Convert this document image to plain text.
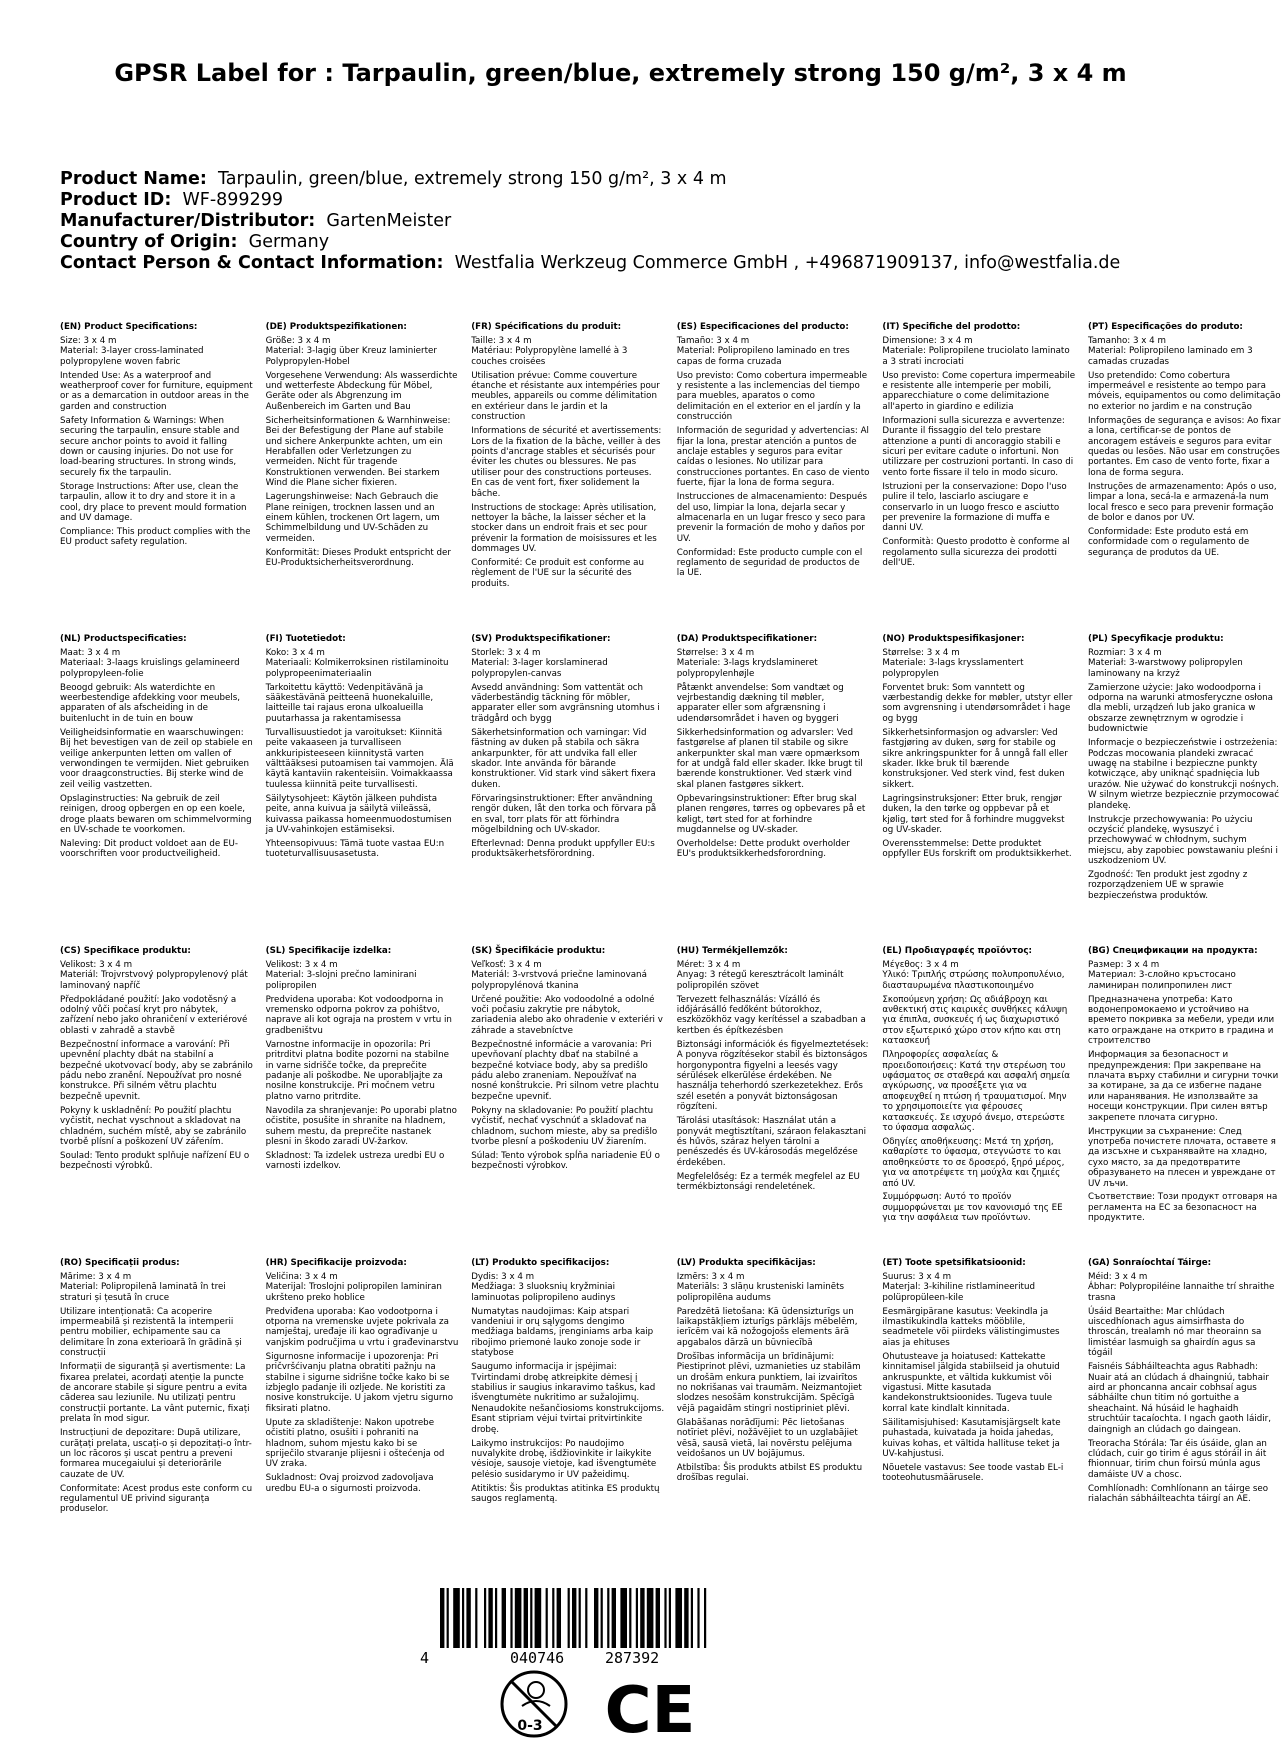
GPSR Label for : Tarpaulin, green/blue, extremely strong 150 g/m², 3 x 4 m
Product Name: Tarpaulin, green/blue, extremely strong 150 g/m², 3 x 4 m
Product ID: WF-899299
Manufacturer/Distributor: GartenMeister
Country of Origin: Germany
Contact Person & Contact Information: Westfalia Werkzeug Commerce GmbH , +496871909137, info@westfalia.de
(EN) Product Specifications:
Size: 3 x 4 m
Material: 3-layer cross-laminated polypropylene woven fabric
Intended Use: As a waterproof and weatherproof cover for furniture, equipment or as a demarcation in outdoor areas in the garden and construction
Safety Information & Warnings: When securing the tarpaulin, ensure stable and secure anchor points to avoid it falling down or causing injuries. Do not use for load-bearing structures. In strong winds, securely fix the tarpaulin.
Storage Instructions: After use, clean the tarpaulin, allow it to dry and store it in a cool, dry place to prevent mould formation and UV damage.
Compliance: This product complies with the EU product safety regulation.
(DE) Produktspezifikationen:
Größe: 3 x 4 m
Material: 3-lagig über Kreuz laminierter Polypropylen-Hobel
Vorgesehene Verwendung: Als wasserdichte und wetterfeste Abdeckung für Möbel, Geräte oder als Abgrenzung im Außenbereich im Garten und Bau
Sicherheitsinformationen & Warnhinweise: Bei der Befestigung der Plane auf stabile und sichere Ankerpunkte achten, um ein Herabfallen oder Verletzungen zu vermeiden. Nicht für tragende Konstruktionen verwenden. Bei starkem Wind die Plane sicher fixieren.
Lagerungshinweise: Nach Gebrauch die Plane reinigen, trocknen lassen und an einem kühlen, trockenen Ort lagern, um Schimmelbildung und UV-Schäden zu vermeiden.
Konformität: Dieses Produkt entspricht der EU-Produktsicherheitsverordnung.
(FR) Spécifications du produit:
Taille: 3 x 4 m
Matériau: Polypropylène lamellé à 3 couches croisées
Utilisation prévue: Comme couverture étanche et résistante aux intempéries pour meubles, appareils ou comme délimitation en extérieur dans le jardin et la construction
Informations de sécurité et avertissements: Lors de la fixation de la bâche, veiller à des points d'ancrage stables et sécurisés pour éviter les chutes ou blessures. Ne pas utiliser pour des constructions porteuses. En cas de vent fort, fixer solidement la bâche.
Instructions de stockage: Après utilisation, nettoyer la bâche, la laisser sécher et la stocker dans un endroit frais et sec pour prévenir la formation de moisissures et les dommages UV.
Conformité: Ce produit est conforme au règlement de l'UE sur la sécurité des produits.
(ES) Especificaciones del producto:
Tamaño: 3 x 4 m
Material: Polipropileno laminado en tres capas de forma cruzada
Uso previsto: Como cobertura impermeable y resistente a las inclemencias del tiempo para muebles, aparatos o como delimitación en el exterior en el jardín y la construcción
Información de seguridad y advertencias: Al fijar la lona, prestar atención a puntos de anclaje estables y seguros para evitar caídas o lesiones. No utilizar para construcciones portantes. En caso de viento fuerte, fijar la lona de forma segura.
Instrucciones de almacenamiento: Después del uso, limpiar la lona, dejarla secar y almacenarla en un lugar fresco y seco para prevenir la formación de moho y daños por UV.
Conformidad: Este producto cumple con el reglamento de seguridad de productos de la UE.
(IT) Specifiche del prodotto:
Dimensione: 3 x 4 m
Materiale: Polipropilene truciolato laminato a 3 strati incrociati
Uso previsto: Come copertura impermeabile e resistente alle intemperie per mobili, apparecchiature o come delimitazione all'aperto in giardino e edilizia
Informazioni sulla sicurezza e avvertenze: Durante il fissaggio del telo prestare attenzione a punti di ancoraggio stabili e sicuri per evitare cadute o infortuni. Non utilizzare per costruzioni portanti. In caso di vento forte fissare il telo in modo sicuro.
Istruzioni per la conservazione: Dopo l'uso pulire il telo, lasciarlo asciugare e conservarlo in un luogo fresco e asciutto per prevenire la formazione di muffa e danni UV.
Conformità: Questo prodotto è conforme al regolamento sulla sicurezza dei prodotti dell'UE.
(PT) Especificações do produto:
Tamanho: 3 x 4 m
Material: Polipropileno laminado em 3 camadas cruzadas
Uso pretendido: Como cobertura impermeável e resistente ao tempo para móveis, equipamentos ou como delimitação no exterior no jardim e na construção
Informações de segurança e avisos: Ao fixar a lona, certificar-se de pontos de ancoragem estáveis e seguros para evitar quedas ou lesões. Não usar em construções portantes. Em caso de vento forte, fixar a lona de forma segura.
Instruções de armazenamento: Após o uso, limpar a lona, secá-la e armazená-la num local fresco e seco para prevenir formação de bolor e danos por UV.
Conformidade: Este produto está em conformidade com o regulamento de segurança de produtos da UE.
(NL) Productspecificaties:
Maat: 3 x 4 m
Materiaal: 3-laags kruislings gelamineerd polypropyleen-folie
Beoogd gebruik: Als waterdichte en weerbestendige afdekking voor meubels, apparaten of als afscheiding in de buitenlucht in de tuin en bouw
Veiligheidsinformatie en waarschuwingen: Bij het bevestigen van de zeil op stabiele en veilige ankerpunten letten om vallen of verwondingen te vermijden. Niet gebruiken voor draagconstructies. Bij sterke wind de zeil veilig vastzetten.
Opslaginstructies: Na gebruik de zeil reinigen, droog opbergen en op een koele, droge plaats bewaren om schimmelvorming en UV-schade te voorkomen.
Naleving: Dit product voldoet aan de EU-voorschriften voor productveiligheid.
(FI) Tuotetiedot:
Koko: 3 x 4 m
Materiaali: Kolmikerroksinen ristilaminoitu polypropeenimateriaalin
Tarkoitettu käyttö: Vedenpitävänä ja sääkestävänä peitteenä huonekaluille, laitteille tai rajaus erona ulkoalueilla puutarhassa ja rakentamisessa
Turvallisuustiedot ja varoitukset: Kiinnitä peite vakaaseen ja turvalliseen ankkuripisteeseen kiinnitystä varten välttääksesi putoamisen tai vammojen. Älä käytä kantaviin rakenteisiin. Voimakkaassa tuulessa kiinnitä peite turvallisesti.
Säilytysohjeet: Käytön jälkeen puhdista peite, anna kuivua ja säilytä viileässä, kuivassa paikassa homeenmuodostumisen ja UV-vahinkojen estämiseksi.
Yhteensopivuus: Tämä tuote vastaa EU:n tuoteturvallisuusasetusta.
(SV) Produktspecifikationer:
Storlek: 3 x 4 m
Material: 3-lager korslaminerad polypropylen-canvas
Avsedd användning: Som vattentät och väderbeständig täckning för möbler, apparater eller som avgränsning utomhus i trädgård och bygg
Säkerhetsinformation och varningar: Vid fästning av duken på stabila och säkra ankarpunkter, för att undvika fall eller skador. Inte använda för bärande konstruktioner. Vid stark vind säkert fixera duken.
Förvaringsinstruktioner: Efter användning rengör duken, låt den torka och förvara på en sval, torr plats för att förhindra mögelbildning och UV-skador.
Efterlevnad: Denna produkt uppfyller EU:s produktsäkerhetsförordning.
(DA) Produktspecifikationer:
Størrelse: 3 x 4 m
Materiale: 3-lags krydslamineret polypropylenhøjle
Påtænkt anvendelse: Som vandtæt og vejrbestandig dækning til møbler, apparater eller som afgrænsning i udendørsområdet i haven og byggeri
Sikkerhedsinformation og advarsler: Ved fastgørelse af planen til stabile og sikre ankerpunkter skal man være opmærksom for at undgå fald eller skader. Ikke brugt til bærende konstruktioner. Ved stærk vind skal planen fastgøres sikkert.
Opbevaringsinstruktioner: Efter brug skal planen rengøres, tørres og opbevares på et køligt, tørt sted for at forhindre mugdannelse og UV-skader.
Overholdelse: Dette produkt overholder EU's produktsikkerhedsforordning.
(NO) Produktspesifikasjoner:
Størrelse: 3 x 4 m
Materiale: 3-lags krysslamentert polypropylen
Forventet bruk: Som vanntett og værbestandig dekke for møbler, utstyr eller som avgrensning i utendørsområdet i hage og bygg
Sikkerhetsinformasjon og advarsler: Ved fastgjøring av duken, sørg for stabile og sikre ankringspunkter for å unngå fall eller skader. Ikke bruk til bærende konstruksjoner. Ved sterk vind, fest duken sikkert.
Lagringsinstruksjoner: Etter bruk, rengjør duken, la den tørke og oppbevar på et kjølig, tørt sted for å forhindre muggvekst og UV-skader.
Overensstemmelse: Dette produktet oppfyller EUs forskrift om produktsikkerhet.
(PL) Specyfikacje produktu:
Rozmiar: 3 x 4 m
Materiał: 3-warstwowy polipropylen laminowany na krzyż
Zamierzone użycie: Jako wodoodporna i odporna na warunki atmosferyczne osłona dla mebli, urządzeń lub jako granica w obszarze zewnętrznym w ogrodzie i budownictwie
Informacje o bezpieczeństwie i ostrzeżenia: Podczas mocowania plandeki zwracać uwagę na stabilne i bezpieczne punkty kotwiczące, aby uniknąć spadnięcia lub urazów. Nie używać do konstrukcji nośnych. W silnym wietrze bezpiecznie przymocować plandekę.
Instrukcje przechowywania: Po użyciu oczyścić plandekę, wysuszyć i przechowywać w chłodnym, suchym miejscu, aby zapobiec powstawaniu pleśni i uszkodzeniom UV.
Zgodność: Ten produkt jest zgodny z rozporządzeniem UE w sprawie bezpieczeństwa produktów.
(CS) Specifikace produktu:
Velikost: 3 x 4 m
Materiál: Trojvrstvový polypropylenový plát laminovaný napříč
Předpokládané použití: Jako vodotěsný a odolný vůči počasí kryt pro nábytek, zařízení nebo jako ohraničení v exteriérové oblasti v zahradě a stavbě
Bezpečnostní informace a varování: Při upevnění plachty dbát na stabilní a bezpečné ukotvovací body, aby se zabránilo pádu nebo zranění. Nepoužívat pro nosné konstrukce. Při silném větru plachtu bezpečně upevnit.
Pokyny k uskladnění: Po použití plachtu vyčistit, nechat vyschnout a skladovat na chladném, suchém místě, aby se zabránilo tvorbě plísní a poškození UV zářením.
Soulad: Tento produkt splňuje nařízení EU o bezpečnosti výrobků.
(SL) Specifikacije izdelka:
Velikost: 3 x 4 m
Material: 3-slojni prečno laminirani polipropilen
Predvidena uporaba: Kot vodoodporna in vremensko odporna pokrov za pohištvo, naprave ali kot ograja na prostem v vrtu in gradbeništvu
Varnostne informacije in opozorila: Pri pritrditvi platna bodite pozorni na stabilne in varne sidrišče točke, da preprečite padanje ali poškodbe. Ne uporabljajte za nosilne konstrukcije. Pri močnem vetru platno varno pritrdite.
Navodila za shranjevanje: Po uporabi platno očistite, posušite in shranite na hladnem, suhem mestu, da preprečite nastanek plesni in škodo zaradi UV-žarkov.
Skladnost: Ta izdelek ustreza uredbi EU o varnosti izdelkov.
(SK) Špecifikácie produktu:
Veľkosť: 3 x 4 m
Materiál: 3-vrstvová priečne laminovaná polypropylénová tkanina
Určené použitie: Ako vodoodolné a odolné voči počasiu zakrytie pre nábytok, zariadenia alebo ako ohradenie v exteriéri v záhrade a stavebníctve
Bezpečnostné informácie a varovania: Pri upevňovaní plachty dbať na stabilné a bezpečné kotviace body, aby sa predišlo pádu alebo zraneniam. Nepoužívať na nosné konštrukcie. Pri silnom vetre plachtu bezpečne upevniť.
Pokyny na skladovanie: Po použití plachtu vyčistiť, nechať vyschnúť a skladovať na chladnom, suchom mieste, aby sa predišlo tvorbe plesní a poškodeniu UV žiarením.
Súlad: Tento výrobok spĺňa nariadenie EÚ o bezpečnosti výrobkov.
(HU) Termékjellemzők:
Méret: 3 x 4 m
Anyag: 3 rétegű keresztrácolt laminált polipropilén szövet
Tervezett felhasználás: Vízálló és időjárásálló fedőként bútorokhoz, eszközökhöz vagy kerítéssel a szabadban a kertben és építkezésben
Biztonsági információk és figyelmeztetések: A ponyva rögzítésekor stabil és biztonságos horgonypontra figyelni a leesés vagy sérülések elkerülése érdekében. Ne használja teherhordó szerkezetekhez. Erős szél esetén a ponyvát biztonságosan rögzíteni.
Tárolási utasítások: Használat után a ponyvát megtisztítani, száraon felakasztani és hűvös, száraz helyen tárolni a penészedés és UV-károsodás megelőzése érdekében.
Megfelelőség: Ez a termék megfelel az EU termékbiztonsági rendeletének.
(EL) Προδιαγραφές προϊόντος:
Μέγεθος: 3 x 4 m
Υλικό: Τριπλής στρώσης πολυπροπυλένιο, διασταυρωμένα πλαστικοποιημένο
Σκοπούμενη χρήση: Ως αδιάβροχη και ανθεκτική στις καιρικές συνθήκες κάλυψη για έπιπλα, συσκευές ή ως διαχωριστικό στον εξωτερικό χώρο στον κήπο και στη κατασκευή
Πληροφορίες ασφαλείας & προειδοποιήσεις: Κατά την στερέωση του υφάσματος σε σταθερά και ασφαλή σημεία αγκύρωσης, να προσέξετε για να αποφευχθεί η πτώση ή τραυματισμοί. Μην το χρησιμοποιείτε για φέρουσες κατασκευές. Σε ισχυρό άνεμο, στερεώστε το ύφασμα ασφαλώς.
Οδηγίες αποθήκευσης: Μετά τη χρήση, καθαρίστε το ύφασμα, στεγνώστε το και αποθηκεύστε το σε δροσερό, ξηρό μέρος, για να αποτρέψετε τη μούχλα και ζημιές από UV.
Συμμόρφωση: Αυτό το προϊόν συμμορφώνεται με τον κανονισμό της ΕΕ για την ασφάλεια των προϊόντων.
(BG) Спецификации на продукта:
Размер: 3 x 4 m
Материал: 3-слойно кръстосано ламиниран полипропилен лист
Предназначена употреба: Като водонепромокаемо и устойчиво на времето покривка за мебели, уреди или като ограждане на открито в градина и строителство
Информация за безопасност и предупреждения: При закрепване на плачата върху стабилни и сигурни точки за котиране, за да се избегне падане или наранявания. Не използвайте за носещи конструкции. При силен вятър закрепете плочата сигурно.
Инструкции за съхранение: След употреба почистете плочата, оставете я да изсъхне и съхранявайте на хладно, сухо място, за да предотвратите образуването на плесен и увреждане от UV лъчи.
Съответствие: Този продукт отговаря на регламента на ЕС за безопасност на продуктите.
(RO) Specificații produs:
Mărime: 3 x 4 m
Material: Polipropilenă laminată în trei straturi și țesută în cruce
Utilizare intenționată: Ca acoperire impermeabilă și rezistentă la intemperii pentru mobilier, echipamente sau ca delimitare în zona exterioară în grădină și construcții
Informații de siguranță și avertismente: La fixarea prelatei, acordați atenție la puncte de ancorare stabile și sigure pentru a evita căderea sau leziunile. Nu utilizați pentru construcții portante. La vânt puternic, fixați prelata în mod sigur.
Instrucțiuni de depozitare: După utilizare, curățați prelata, uscați-o și depozitați-o într-un loc răcoros și uscat pentru a preveni formarea mucegaiului și deteriorările cauzate de UV.
Conformitate: Acest produs este conform cu regulamentul UE privind siguranța produselor.
(HR) Specifikacije proizvoda:
Veličina: 3 x 4 m
Materijal: Troslojni polipropilen laminiran ukršteno preko hoblice
Predviđena uporaba: Kao vodootporna i otporna na vremenske uvjete pokrivala za namještaj, uređaje ili kao ograđivanje u vanjskim područjima u vrtu i građevinarstvu
Sigurnosne informacije i upozorenja: Pri pričvršćivanju platna obratiti pažnju na stabilne i sigurne sidrišne točke kako bi se izbjeglo padanje ili ozljede. Ne koristiti za nosive konstrukcije. U jakom vjetru sigurno fiksirati platno.
Upute za skladištenje: Nakon upotrebe očistiti platno, osušiti i pohraniti na hladnom, suhom mjestu kako bi se spriječilo stvaranje plijesni i oštećenja od UV zraka.
Sukladnost: Ovaj proizvod zadovoljava uredbu EU-a o sigurnosti proizvoda.
(LT) Produkto specifikacijos:
Dydis: 3 x 4 m
Medžiaga: 3 sluoksnių kryžminiai laminuotas polipropileno audinys
Numatytas naudojimas: Kaip atspari vandeniui ir orų sąlygoms dengimo medžiaga baldams, įrenginiams arba kaip ribojimo priemonė lauko zonoje sode ir statybose
Saugumo informacija ir įspėjimai: Tvirtindami drobę atkreipkite dėmesį į stabilius ir saugius inkaravimo taškus, kad išvengtumėte nukritimo ar sužalojimų. Nenaudokite nešančiosioms konstrukcijoms. Esant stipriam vėjui tvirtai pritvirtinkite drobę.
Laikymo instrukcijos: Po naudojimo nuvalykite drobę, išdžiovinkite ir laikykite vėsioje, sausoje vietoje, kad išvengtumėte pelėsio susidarymo ir UV pažeidimų.
Atitiktis: Šis produktas atitinka ES produktų saugos reglamentą.
(LV) Produkta specifikācijas:
Izmērs: 3 x 4 m
Materiāls: 3 slāņu krusteniski laminēts polipropilēna audums
Paredzētā lietošana: Kā ūdensizturīgs un laikapstākļiem izturīgs pārklājs mēbelēm, ierīcēm vai kā nožogojošs elements ārā apgabalos dārzā un būvniecībā
Drošības informācija un brīdinājumi: Piestiprinot plēvi, uzmanieties uz stabilām un drošām enkura punktiem, lai izvairītos no nokrišanas vai traumām. Neizmantojiet slodzes nesošām konstrukcijām. Spēcīgā vējā pagaidām stingri nostipriniet plēvi.
Glabāšanas norādījumi: Pēc lietošanas notīriet plēvi, nožāvējiet to un uzglabājiet vēsā, sausā vietā, lai novērstu pelējuma veidošanos un UV bojājumus.
Atbilstība: Šis produkts atbilst ES produktu drošības regulai.
(ET) Toote spetsifikatsioonid:
Suurus: 3 x 4 m
Materjal: 3-kihiline ristlamineeritud polüpropüleen-kile
Eesmärgipärane kasutus: Veekindla ja ilmastikukindla katteks mööblile, seadmetele või piirdeks välistingimustes aias ja ehituses
Ohutusteave ja hoiatused: Kattekatte kinnitamisel jälgida stabiilseid ja ohutuid ankruspunkte, et vältida kukkumist või vigastusi. Mitte kasutada kandekonstruktsioonides. Tugeva tuule korral kate kindlalt kinnitada.
Säilitamisjuhised: Kasutamisjärgselt kate puhastada, kuivatada ja hoida jahedas, kuivas kohas, et vältida hallituse teket ja UV-kahjustusi.
Nõuetele vastavus: See toode vastab EL-i tooteohutusmäärusele.
(GA) Sonraíochtaí Táirge:
Méid: 3 x 4 m
Ábhar: Polypropiléine lannaithe trí shraithe trasna
Úsáid Beartaithe: Mar chlúdach uiscedhíonach agus aimsirfhasta do throscán, trealamh nó mar theorainn sa limistéar lasmuigh sa ghairdín agus sa tógáil
Faisnéis Sábháilteachta agus Rabhadh: Nuair atá an clúdach á dhaingniú, tabhair aird ar phoncanna ancair cobhsaí agus sábháilte chun titim nó gortuithe a sheachaint. Ná húsáid le haghaidh struchtúir tacaíochta. I ngach gaoth láidir, daingnigh an clúdach go daingean.
Treoracha Stórála: Tar éis úsáide, glan an clúdach, cuir go tirim é agus stóráil in áit fhionnuar, tirim chun foirsú múnla agus damáiste UV a chosc.
Comhlíonadh: Comhlíonann an táirge seo rialachán sábháilteachta táirgí an AE.
4	040746	287392
0-3 CE
